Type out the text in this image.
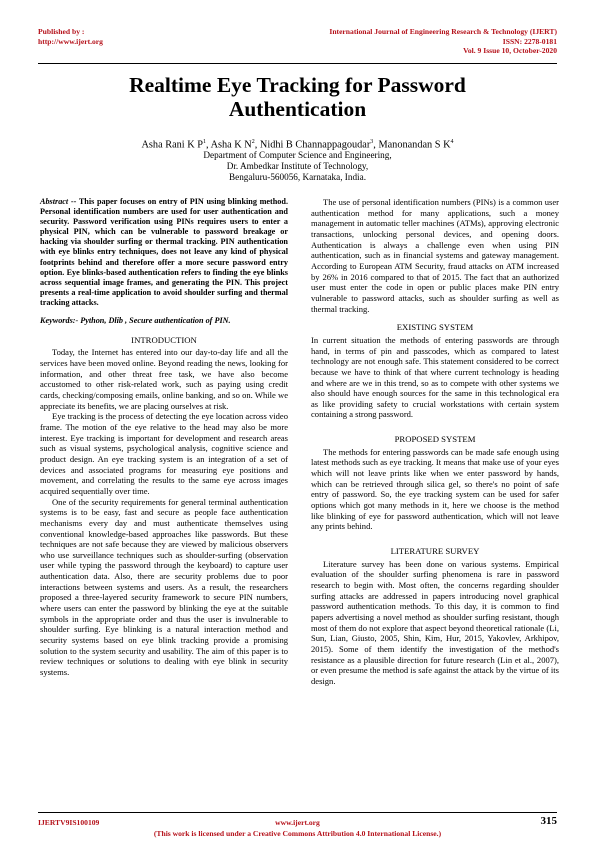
Published by :
http://www.ijert.org
International Journal of Engineering Research & Technology (IJERT)
ISSN: 2278-0181
Vol. 9 Issue 10, October-2020
Realtime Eye Tracking for Password
Authentication
Asha Rani K $P^1$, Asha K $N^2$, Nidhi B Channappagoudar$^3$, Manonandan S $K^4$
Department of Computer Science and Engineering,
Dr. Ambedkar Institute of Technology,
Bengaluru-560056, Karnataka, India.

Abstract -- This paper focuses on entry of PIN using blinking method. Personal identification numbers are used for user authentication and security. Password verification using PINs requires users to enter a physical PIN, which can be vulnerable to password breakage or hacking via shoulder surfing or thermal tracking. PIN authentication with eye blinks entry techniques, does not leave any kind of physical footprints behind and therefore offer a more secure password entry option. Eye blinks-based authentication refers to finding the eye blinks across sequential image frames, and generating the PIN. This project presents a real-time application to avoid shoulder surfing and thermal tracking attacks.

Keywords:- Python, Dlib , Secure authentication of PIN.

INTRODUCTION

Today, the Internet has entered into our day-to-day life and all the services have been moved online. Beyond reading the news, looking for information, and other threat free task, we have also become accustomed to other risk-related work, such as paying using credit cards, checking/composing emails, online banking, and so on. While we appreciate its benefits, we are placing ourselves at risk.

Eye tracking is the process of detecting the eye location across video frame. The motion of the eye relative to the head may also be more interest. Eye tracking is important for development and research areas such as visual systems, psychological analysis, cognitive science and product design. An eye tracking system is an integration of a set of devices and associated programs for measuring eye positions and movement, and correlating the results to the same eye across images acquired sequentially over time.

One of the security requirements for general terminal authentication systems is to be easy, fast and secure as people face authentication mechanisms every day and must authenticate themselves using conventional knowledge-based approaches like passwords. But these techniques are not safe because they are viewed by malicious observers who use surveillance techniques such as shoulder-surfing (observation user while typing the password through the keyboard) to capture user authentication data. Also, there are security problems due to poor interactions between systems and users. As a result, the researchers proposed a three-layered security framework to secure PIN numbers, where users can enter the password by blinking the eye at the suitable symbols in the appropriate order and thus the user is invulnerable to shoulder surfing. Eye blinking is a natural interaction method and security systems based on eye blink tracking provide a promising solution to the system security and usability. The aim of this paper is to review techniques or solutions to dealing with eye blink in security systems.

The use of personal identification numbers (PINs) is a common user authentication method for many applications, such a money management in automatic teller machines (ATMs), approving electronic transactions, unlocking personal devices, and opening doors. Authentication is always a challenge even when using PIN authentication, such as in financial systems and gateway management. According to European ATM Security, fraud attacks on ATM increased by 26% in 2016 compared to that of 2015. The fact that an authorized user must enter the code in open or public places make PIN entry vulnerable to password attacks, such as shoulder surfing as well as thermal tracking.

EXISTING SYSTEM

In current situation the methods of entering passwords are through hand, in terms of pin and passcodes, which as compared to latest technology are not enough safe. This statement considered to be correct because we have to think of that where current technology is heading and where are we in this trend, so as to compete with other systems we also should have enough sources for the same in this technological era as like providing safety to crucial workstations with certain system containing a strong password.

PROPOSED SYSTEM

The methods for entering passwords can be made safe enough using latest methods such as eye tracking. It means that make use of your eyes which will not leave prints like when we enter password by hands, which can be retrieved through silica gel, so there's no point of safe entry of password. So, the eye tracking system can be used for safer options which got many methods in it, here we choose is the method like blinking of eye for password authentication, which will not leave any prints behind.

LITERATURE SURVEY

Literature survey has been done on various systems. Empirical evaluation of the shoulder surfing phenomena is rare in password research to begin with. Most often, the concerns regarding shoulder surfing attacks are addressed in papers introducing novel graphical password authentication methods. To this day, it is common to find papers advertising a novel method as shoulder surfing resistant, though most of them do not explore that aspect beyond theoretical rationale (Li, Sun, Lian, Giusto, 2005, Shin, Kim, Hur, 2015, Yakovlev, Arkhipov, 2015). Some of them identify the investigation of the method's resistance as a plausible direction for future research (Lin et al., 2007), or even presume the method is safe against the attack by the virtue of its design.

IJERTV9IS100109	www.ijert.org	315
(This work is licensed under a Creative Commons Attribution 4.0 International License.)
